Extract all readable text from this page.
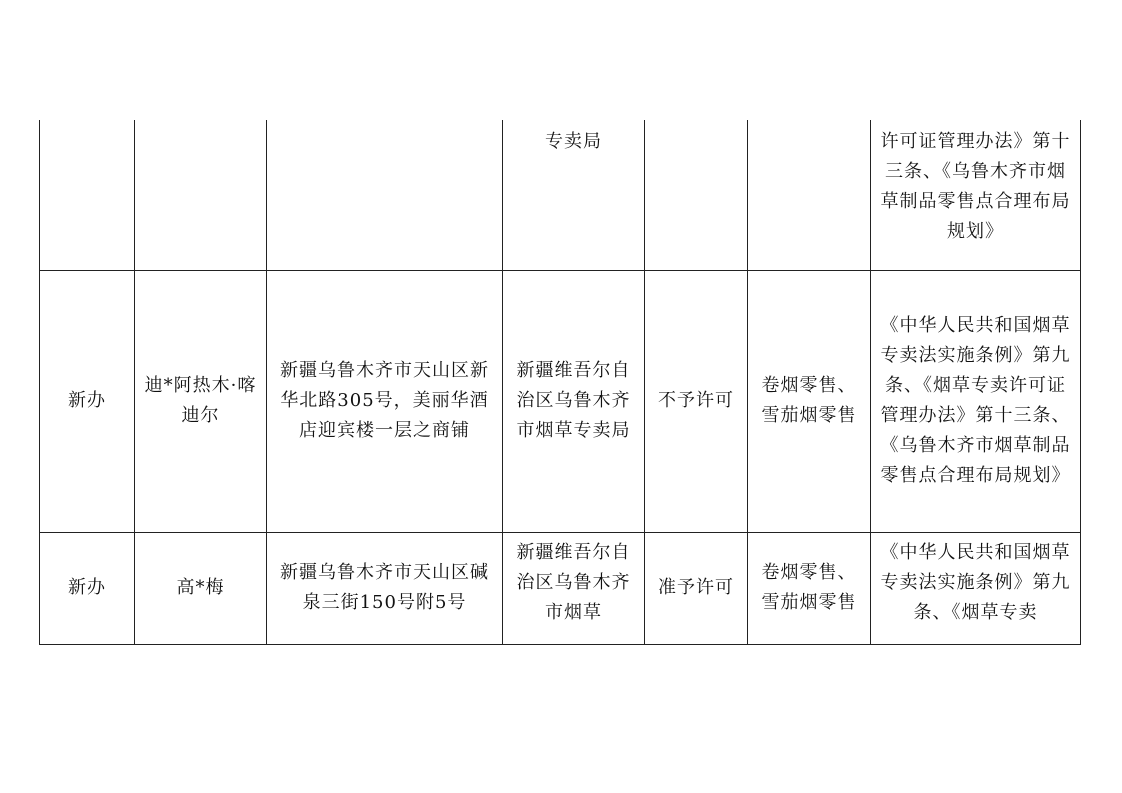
			专卖局			许可证管理办法》第十三条、《乌鲁木齐市烟草制品零售点合理布局规划》
新办	迪*阿热木·喀迪尔	新疆乌鲁木齐市天山区新华北路305号，美丽华酒店迎宾楼一层之商铺	新疆维吾尔自治区乌鲁木齐市烟草专卖局	不予许可	卷烟零售、雪茄烟零售	《中华人民共和国烟草专卖法实施条例》第九条、《烟草专卖许可证管理办法》第十三条、《乌鲁木齐市烟草制品零售点合理布局规划》
新办	高*梅	新疆乌鲁木齐市天山区碱泉三街150号附5号	新疆维吾尔自治区乌鲁木齐市烟草	准予许可	卷烟零售、雪茄烟零售	《中华人民共和国烟草专卖法实施条例》第九条、《烟草专卖
